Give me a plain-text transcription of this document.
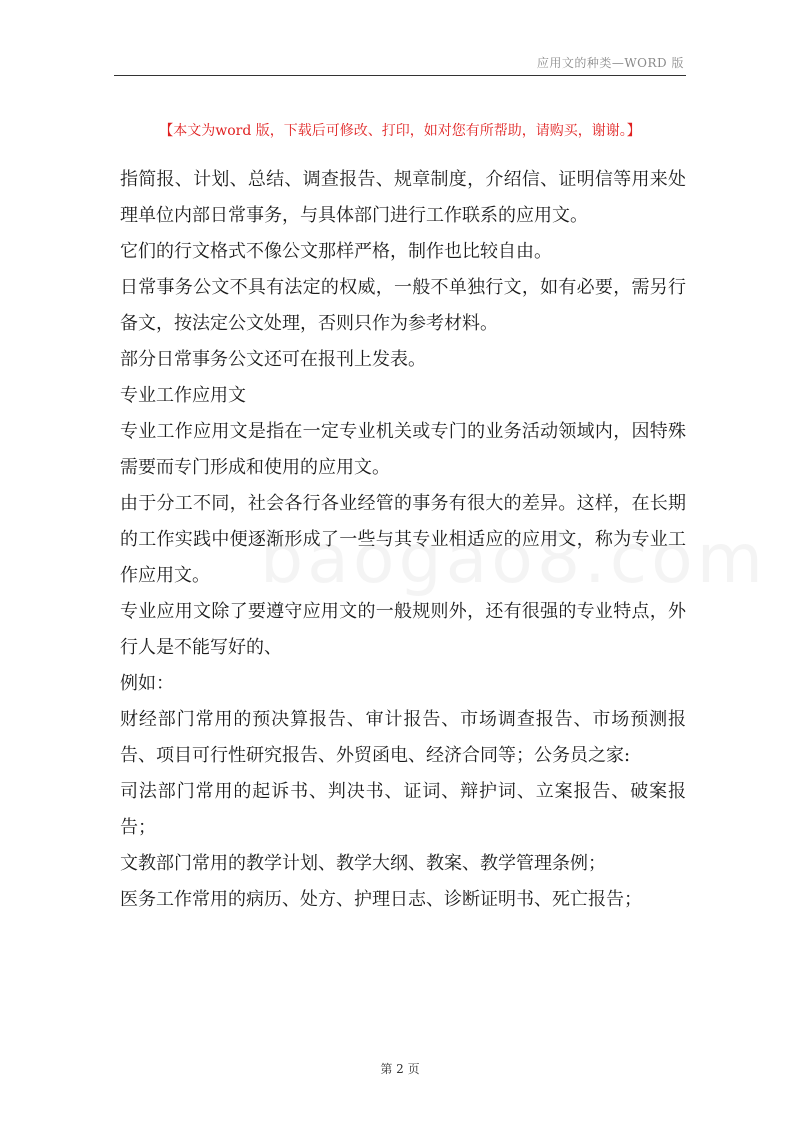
应用文的种类—WORD 版
【本文为word 版，下载后可修改、打印，如对您有所帮助，请购买，谢谢。】

指简报、计划、总结、调查报告、规章制度，介绍信、证明信等用来处理单位内部日常事务，与具体部门进行工作联系的应用文。

它们的行文格式不像公文那样严格，制作也比较自由。

日常事务公文不具有法定的权威，一般不单独行文，如有必要，需另行备文，按法定公文处理，否则只作为参考材料。

部分日常事务公文还可在报刊上发表。

专业工作应用文

专业工作应用文是指在一定专业机关或专门的业务活动领域内，因特殊需要而专门形成和使用的应用文。

由于分工不同，社会各行各业经管的事务有很大的差异。这样，在长期的工作实践中便逐渐形成了一些与其专业相适应的应用文，称为专业工作应用文。

专业应用文除了要遵守应用文的一般规则外，还有很强的专业特点，外行人是不能写好的、

例如：

财经部门常用的预决算报告、审计报告、市场调查报告、市场预测报告、项目可行性研究报告、外贸函电、经济合同等；公务员之家:

司法部门常用的起诉书、判决书、证词、辩护词、立案报告、破案报告；

文教部门常用的教学计划、教学大纲、教案、教学管理条例；

医务工作常用的病历、处方、护理日志、诊断证明书、死亡报告；

第 2 页
